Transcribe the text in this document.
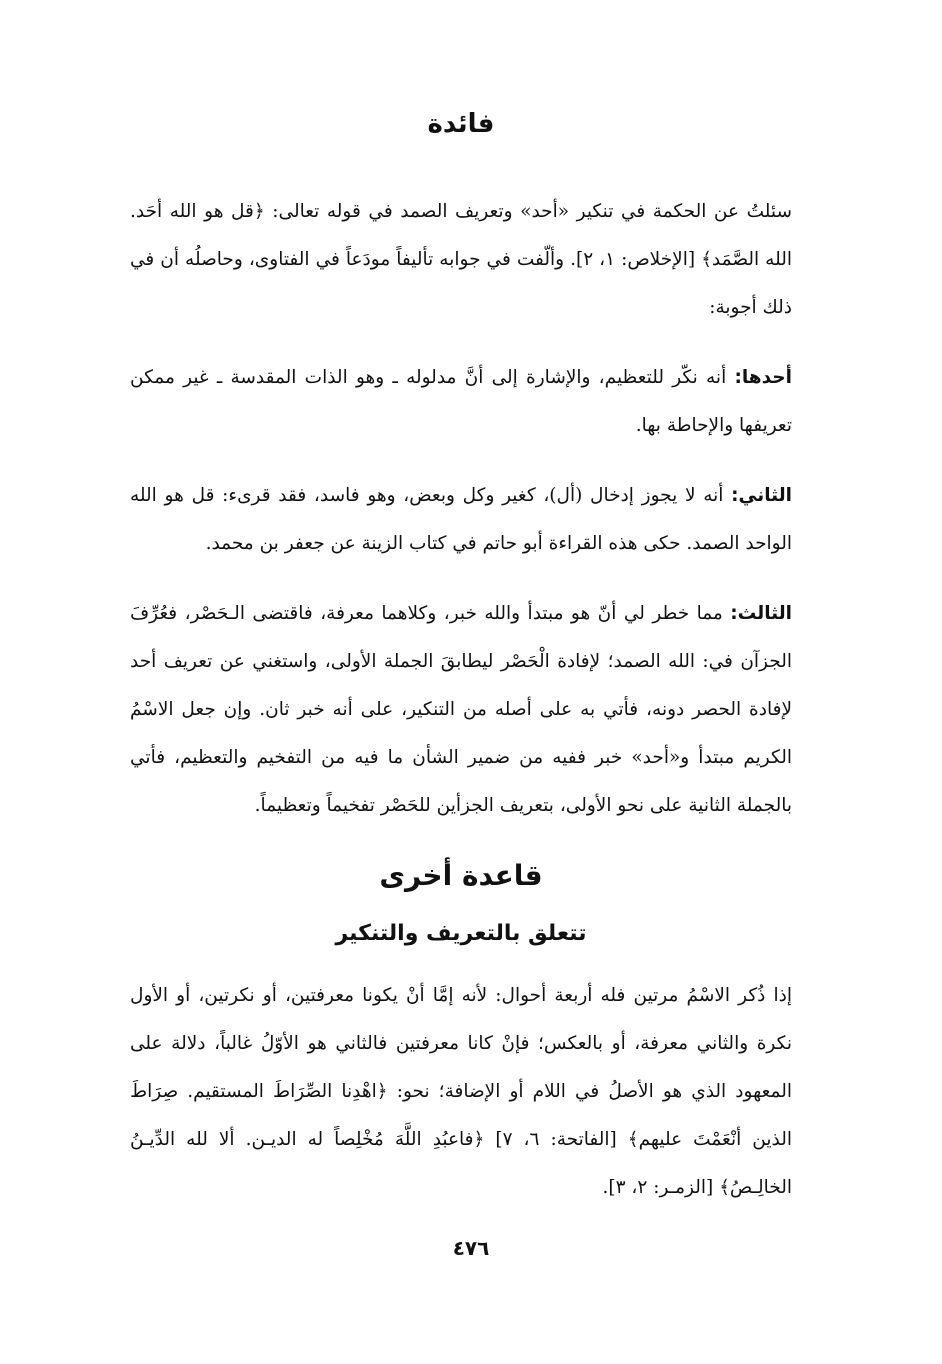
فائدة

سئلتُ عن الحكمة في تنكير «أحد» وتعريف الصمد في قوله تعالى: ﴿قل هو الله أحَد. الله الصَّمَد﴾ [الإخلاص: ١، ٢]. وألّفت في جوابه تأليفاً مودَعاً في الفتاوى، وحاصلُه أن في ذلك أجوبة:

أحدها: أنه نكّر للتعظيم، والإشارة إلى أنَّ مدلوله ـ وهو الذات المقدسة ـ غير ممكن تعريفها والإحاطة بها.

الثاني: أنه لا يجوز إدخال (أل)، كغير وكل وبعض، وهو فاسد، فقد قرىء: قل هو الله الواحد الصمد. حكى هذه القراءة أبو حاتم في كتاب الزينة عن جعفر بن محمد.

الثالث: مما خطر لي أنّ هو مبتدأ والله خبر، وكلاهما معرفة، فاقتضى الـحَصْر، فعُرِّفَ الجزآن في: الله الصمد؛ لإفادة الْحَصْر ليطابقَ الجملة الأولى، واستغني عن تعريف أحد لإفادة الحصر دونه، فأتي به على أصله من التنكير، على أنه خبر ثان. وإن جعل الاسْمُ الكريم مبتدأ و«أحد» خبر ففيه من ضمير الشأن ما فيه من التفخيم والتعظيم، فأتي بالجملة الثانية على نحو الأولى، بتعريف الجزأين للحَصْر تفخيماً وتعظيماً.

قاعدة أخرى
تتعلق بالتعريف والتنكير

إذا ذُكر الاسْمُ مرتين فله أربعة أحوال: لأنه إمَّا أنْ يكونا معرفتين، أو نكرتين، أو الأول نكرة والثاني معرفة، أو بالعكس؛ فإنْ كانا معرفتين فالثاني هو الأوّلُ غالباً، دلالة على المعهود الذي هو الأصلُ في اللام أو الإضافة؛ نحو: ﴿اهْدِنا الصِّرَاطَ المستقيم. صِرَاطَ الذين أنْعَمْتَ عليهم﴾ [الفاتحة: ٦، ٧] ﴿فاعبُدِ اللَّهَ مُخْلِصاً له الديـن. ألا لله الدِّيـنُ الخالِـصُ﴾ [الزمـر: ٢، ٣].

٤٧٦
